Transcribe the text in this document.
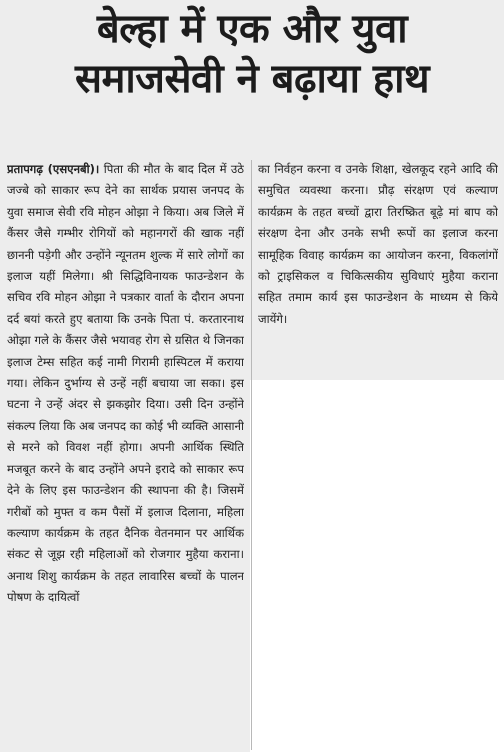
बेल्हा में एक और युवा
समाजसेवी ने बढ़ाया हाथ

प्रतापगढ़ (एसएनबी)। पिता की मौत के बाद दिल में उठे जज्बे को साकार रूप देने का सार्थक प्रयास जनपद के युवा समाज सेवी रवि मोहन ओझा ने किया। अब जिले में कैंसर जैसे गम्भीर रोगियों को महानगरों की खाक नहीं छाननी पड़ेगी और उन्होंने न्यूनतम शुल्क में सारे लोगों का इलाज यहीं मिलेगा। श्री सिद्धिविनायक फाउन्डेशन के सचिव रवि मोहन ओझा ने पत्रकार वार्ता के दौरान अपना दर्द बयां करते हुए बताया कि उनके पिता पं. करतारनाथ ओझा गले के कैंसर जैसे भयावह रोग से ग्रसित थे जिनका इलाज टेम्स सहित कई नामी गिरामी हास्पिटल में कराया गया। लेकिन दुर्भाग्य से उन्हें नहीं बचाया जा सका। इस घटना ने उन्हें अंदर से झकझोर दिया। उसी दिन उन्होंने संकल्प लिया कि अब जनपद का कोई भी व्यक्ति आसानी से मरने को विवश नहीं होगा। अपनी आर्थिक स्थिति मजबूत करने के बाद उन्होंने अपने इरादे को साकार रूप देने के लिए इस फाउन्डेशन की स्थापना की है। जिसमें गरीबों को मुफ्त व कम पैसों में इलाज दिलाना, महिला कल्याण कार्यक्रम के तहत दैनिक वेतनमान पर आर्थिक संकट से जूझ रही महिलाओं को रोजगार मुहैया कराना। अनाथ शिशु कार्यक्रम के तहत लावारिस बच्चों के पालन पोषण के दायित्वों

का निर्वहन करना व उनके शिक्षा, खेलकूद रहने आदि की समुचित व्यवस्था करना। प्रौढ़ संरक्षण एवं कल्याण कार्यक्रम के तहत बच्चों द्वारा तिरष्क्रित बूढ़े मां बाप को संरक्षण देना और उनके सभी रूपों का इलाज करना सामूहिक विवाह कार्यक्रम का आयोजन करना, विकलांगों को ट्राइसिकल व चिकित्सकीय सुविधाएं मुहैया कराना सहित तमाम कार्य इस फाउन्डेशन के माध्यम से किये जायेंगे।
